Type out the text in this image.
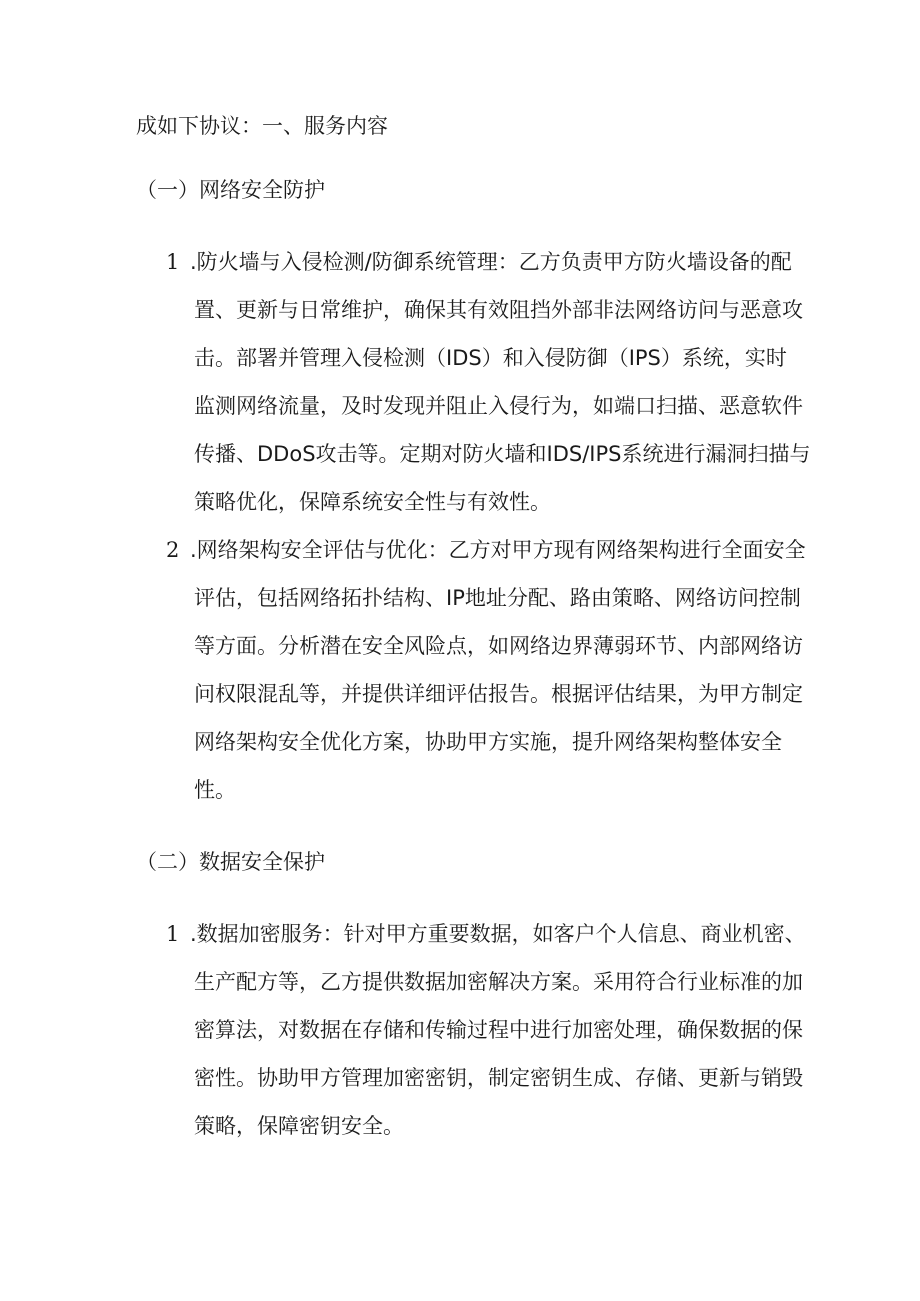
成如下协议：一、服务内容
（一）网络安全防护
1 .防火墙与入侵检测/防御系统管理：乙方负责甲方防火墙设备的配
置、更新与日常维护，确保其有效阻挡外部非法网络访问与恶意攻
击。部署并管理入侵检测（IDS）和入侵防御（IPS）系统，实时
监测网络流量，及时发现并阻止入侵行为，如端口扫描、恶意软件
传播、DDoS攻击等。定期对防火墙和IDS/IPS系统进行漏洞扫描与
策略优化，保障系统安全性与有效性。
2 .网络架构安全评估与优化：乙方对甲方现有网络架构进行全面安全
评估，包括网络拓扑结构、IP地址分配、路由策略、网络访问控制
等方面。分析潜在安全风险点，如网络边界薄弱环节、内部网络访
问权限混乱等，并提供详细评估报告。根据评估结果，为甲方制定
网络架构安全优化方案，协助甲方实施，提升网络架构整体安全
性。
（二）数据安全保护
1 .数据加密服务：针对甲方重要数据，如客户个人信息、商业机密、
生产配方等，乙方提供数据加密解决方案。采用符合行业标准的加
密算法，对数据在存储和传输过程中进行加密处理，确保数据的保
密性。协助甲方管理加密密钥，制定密钥生成、存储、更新与销毁
策略，保障密钥安全。
